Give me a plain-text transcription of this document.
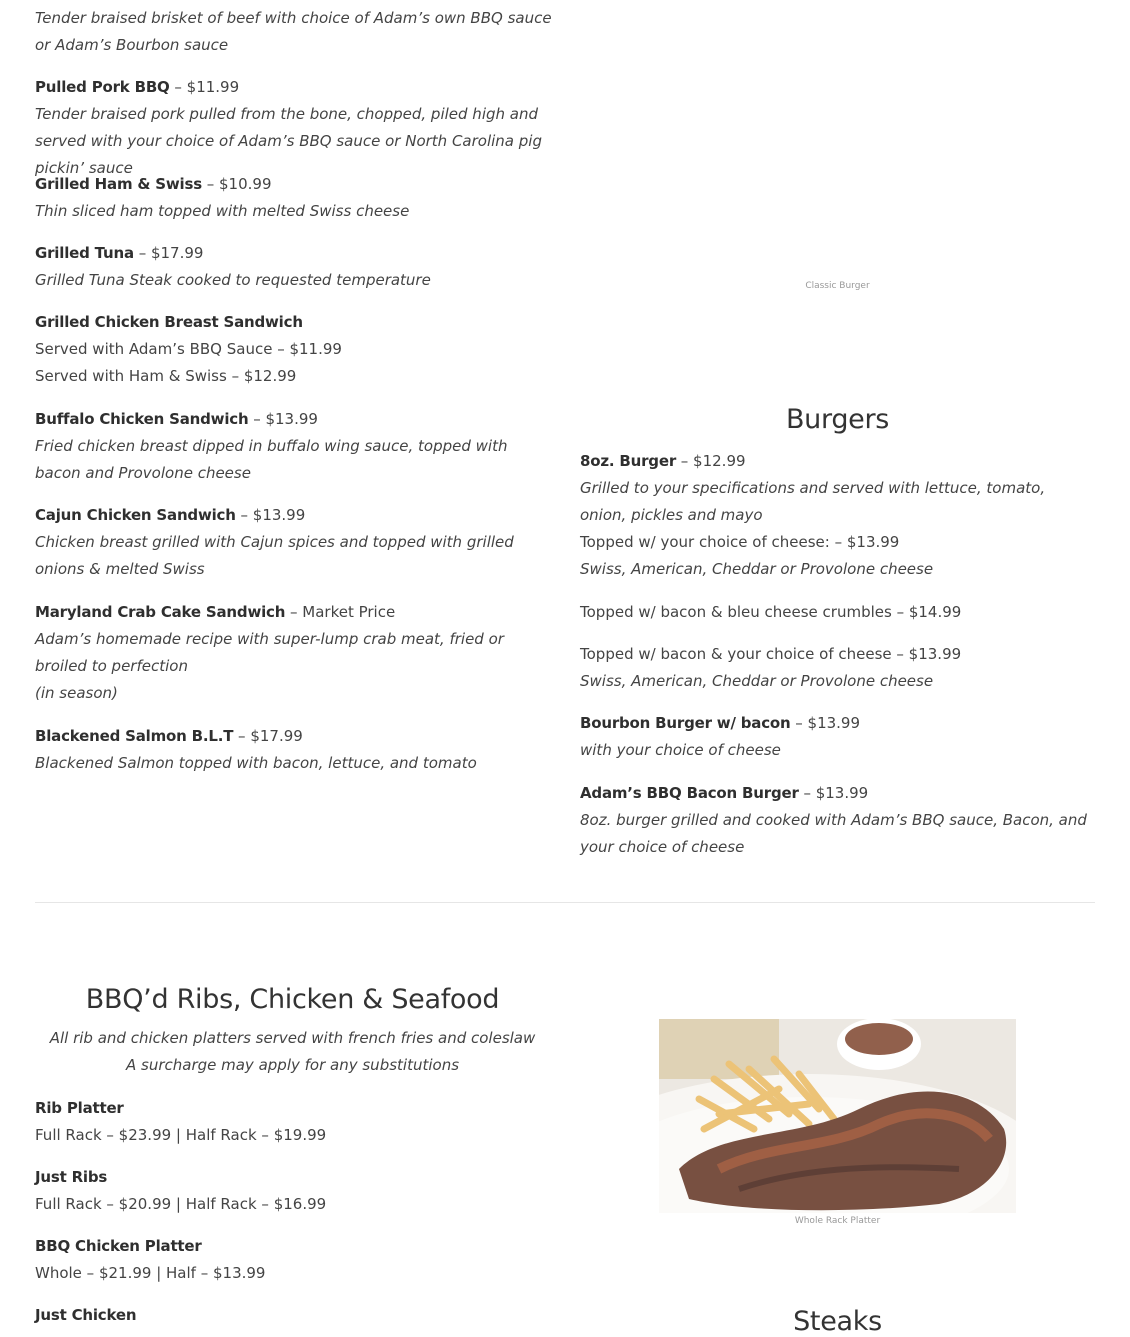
Tender braised brisket of beef with choice of Adam’s own BBQ sauce or Adam’s Bourbon sauce

Pulled Pork BBQ – $11.99

Tender braised pork pulled from the bone, chopped, piled high and served with your choice of Adam’s BBQ sauce or North Carolina pig pickin’ sauce

Grilled Ham & Swiss – $10.99

Thin sliced ham topped with melted Swiss cheese

Grilled Tuna – $17.99

Grilled Tuna Steak cooked to requested temperature

Grilled Chicken Breast Sandwich

Served with Adam’s BBQ Sauce – $11.99

Served with Ham & Swiss – $12.99

Buffalo Chicken Sandwich – $13.99

Fried chicken breast dipped in buffalo wing sauce, topped with bacon and Provolone cheese

Cajun Chicken Sandwich – $13.99

Chicken breast grilled with Cajun spices and topped with grilled onions & melted Swiss

Maryland Crab Cake Sandwich – Market Price

Adam’s homemade recipe with super-lump crab meat, fried or broiled to perfection

(in season)

Blackened Salmon B.L.T – $17.99

Blackened Salmon topped with bacon, lettuce, and tomato

Classic Burger
Burgers

8oz. Burger – $12.99

Grilled to your specifications and served with lettuce, tomato, onion, pickles and mayo

Topped w/ your choice of cheese: – $13.99

Swiss, American, Cheddar or Provolone cheese

Topped w/ bacon & bleu cheese crumbles – $14.99

Topped w/ bacon & your choice of cheese – $13.99

Swiss, American, Cheddar or Provolone cheese

Bourbon Burger w/ bacon – $13.99

with your choice of cheese

Adam’s BBQ Bacon Burger – $13.99

8oz. burger grilled and cooked with Adam’s BBQ sauce, Bacon, and your choice of cheese

BBQ’d Ribs, Chicken & Seafood

All rib and chicken platters served with french fries and coleslaw

A surcharge may apply for any substitutions

Rib Platter

Full Rack – $23.99 | Half Rack – $19.99

Just Ribs

Full Rack – $20.99 | Half Rack – $16.99

BBQ Chicken Platter

Whole – $21.99 | Half – $13.99

Just Chicken

Whole Rack Platter
Steaks
